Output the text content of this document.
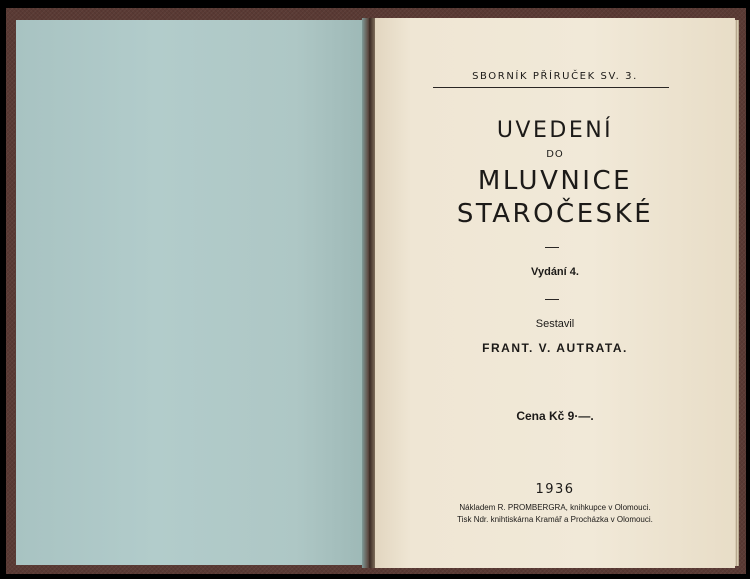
SBORNÍK PŘÍRUČEK SV. 3.
UVEDENÍ
DO
MLUVNICE
STAROČESKÉ
Vydání 4.
Sestavil
FRANT. V. AUTRATA.
Cena Kč 9·—.
1936
Nákladem R. PROMBERGRA, knihkupce v Olomouci.
Tisk Ndr. knihtiskárna Kramář a Procházka v Olomouci.
